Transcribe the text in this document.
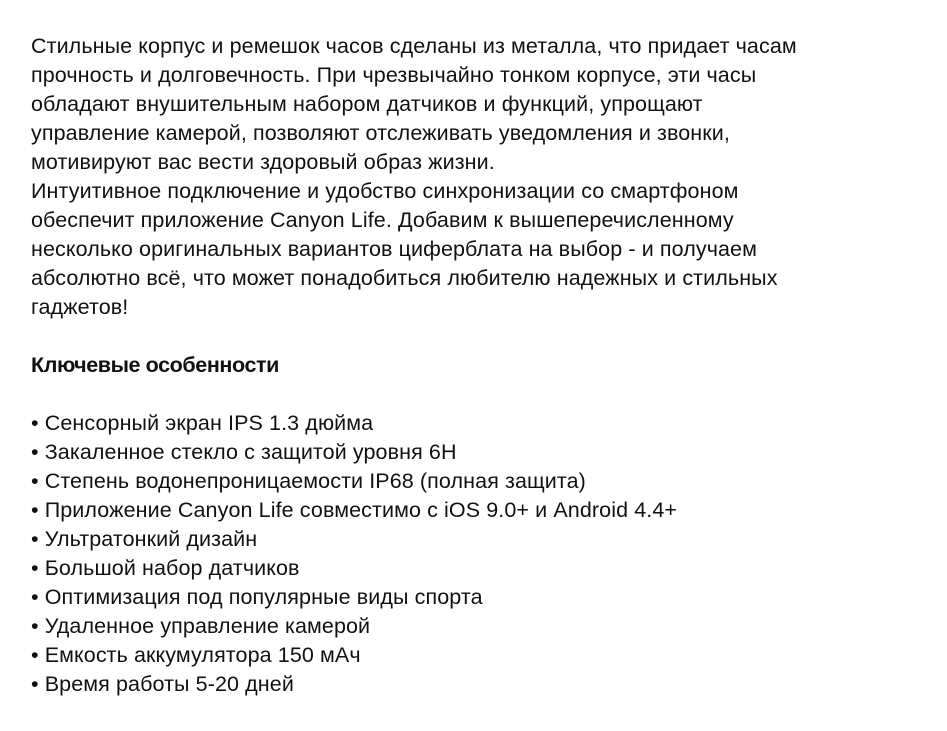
Стильные корпус и ремешок часов сделаны из металла, что придает часам
прочность и долговечность. При чрезвычайно тонком корпусе, эти часы
обладают внушительным набором датчиков и функций, упрощают
управление камерой, позволяют отслеживать уведомления и звонки,
мотивируют вас вести здоровый образ жизни.
Интуитивное подключение и удобство синхронизации со смартфоном
обеспечит приложение Canyon Life. Добавим к вышеперечисленному
несколько оригинальных вариантов циферблата на выбор - и получаем
абсолютно всё, что может понадобиться любителю надежных и стильных
гаджетов!
Ключевые особенности
• Сенсорный экран IPS 1.3 дюйма
• Закаленное стекло с защитой уровня 6H
• Степень водонепроницаемости IP68 (полная защита)
• Приложение Canyon Life совместимо с iOS 9.0+ и Android 4.4+
• Ультратонкий дизайн
• Большой набор датчиков
• Оптимизация под популярные виды спорта
• Удаленное управление камерой
• Емкость аккумулятора 150 мАч
• Время работы 5-20 дней
